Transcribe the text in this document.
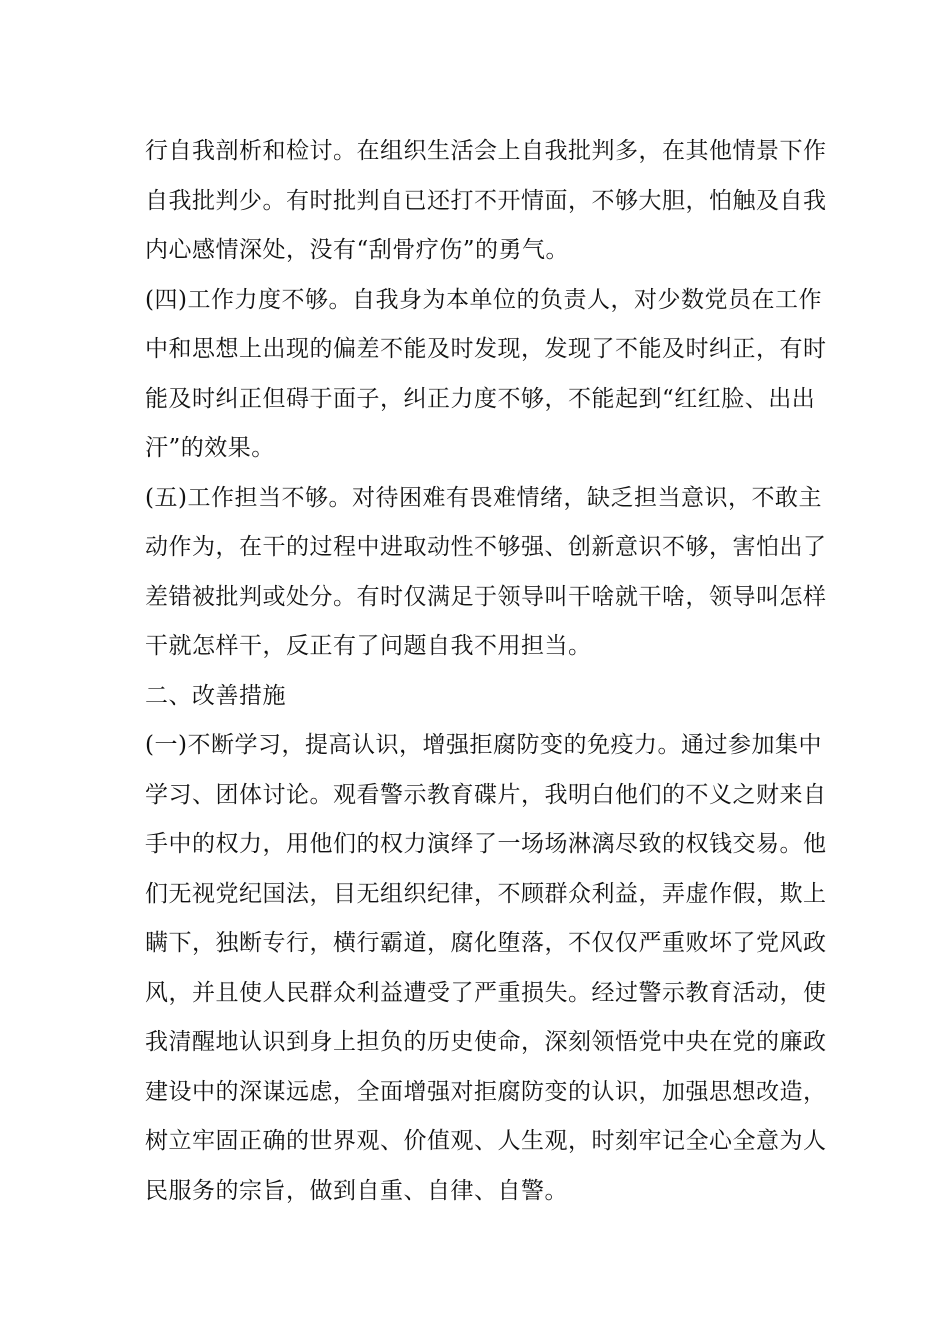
行自我剖析和检讨。在组织生活会上自我批判多，在其他情景下作
自我批判少。有时批判自已还打不开情面，不够大胆，怕触及自我
内心感情深处，没有“刮骨疗伤”的勇气。
(四)工作力度不够。自我身为本单位的负责人，对少数党员在工作
中和思想上出现的偏差不能及时发现，发现了不能及时纠正，有时
能及时纠正但碍于面子，纠正力度不够，不能起到“红红脸、出出
汗”的效果。
(五)工作担当不够。对待困难有畏难情绪，缺乏担当意识，不敢主
动作为，在干的过程中进取动性不够强、创新意识不够，害怕出了
差错被批判或处分。有时仅满足于领导叫干啥就干啥，领导叫怎样
干就怎样干，反正有了问题自我不用担当。
二、改善措施
(一)不断学习，提高认识，增强拒腐防变的免疫力。通过参加集中
学习、团体讨论。观看警示教育碟片，我明白他们的不义之财来自
手中的权力，用他们的权力演绎了一场场淋漓尽致的权钱交易。他
们无视党纪国法，目无组织纪律，不顾群众利益，弄虚作假，欺上
瞒下，独断专行，横行霸道，腐化堕落，不仅仅严重败坏了党风政
风，并且使人民群众利益遭受了严重损失。经过警示教育活动，使
我清醒地认识到身上担负的历史使命，深刻领悟党中央在党的廉政
建设中的深谋远虑，全面增强对拒腐防变的认识，加强思想改造，
树立牢固正确的世界观、价值观、人生观，时刻牢记全心全意为人
民服务的宗旨，做到自重、自律、自警。
